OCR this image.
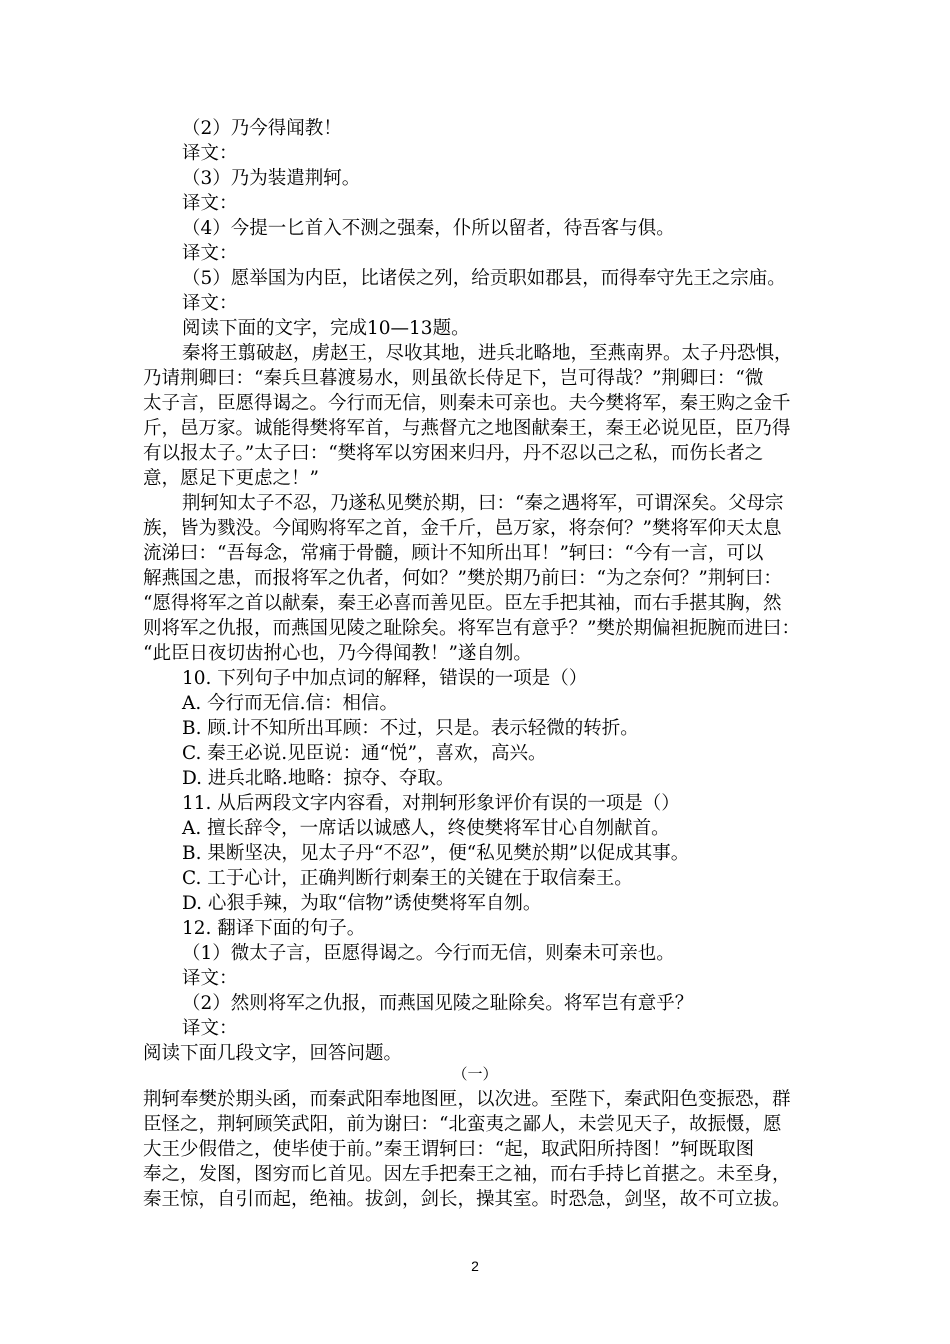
（2）乃今得闻教！
译文：
（3）乃为装遣荆轲。
译文：
（4）今提一匕首入不测之强秦，仆所以留者，待吾客与俱。
译文：
（5）愿举国为内臣，比诸侯之列，给贡职如郡县，而得奉守先王之宗庙。
译文：
阅读下面的文字，完成10—13题。
秦将王翦破赵，虏赵王，尽收其地，进兵北略地，至燕南界。太子丹恐惧，
乃请荆卿曰：“秦兵旦暮渡易水，则虽欲长侍足下，岂可得哉？”荆卿曰：“微
太子言，臣愿得谒之。今行而无信，则秦未可亲也。夫今樊将军，秦王购之金千
斤，邑万家。诚能得樊将军首，与燕督亢之地图献秦王，秦王必说见臣，臣乃得
有以报太子。”太子曰：“樊将军以穷困来归丹，丹不忍以己之私，而伤长者之
意，愿足下更虑之！”
荆轲知太子不忍，乃遂私见樊於期，曰：“秦之遇将军，可谓深矣。父母宗
族，皆为戮没。今闻购将军之首，金千斤，邑万家，将奈何？”樊将军仰天太息
流涕曰：“吾每念，常痛于骨髓，顾计不知所出耳！”轲曰：“今有一言，可以
解燕国之患，而报将军之仇者，何如？”樊於期乃前曰：“为之奈何？”荆轲曰：
“愿得将军之首以献秦，秦王必喜而善见臣。臣左手把其袖，而右手揕其胸，然
则将军之仇报，而燕国见陵之耻除矣。将军岂有意乎？”樊於期偏袒扼腕而进曰：
“此臣日夜切齿拊心也，乃今得闻教！”遂自刎。
10. 下列句子中加点词的解释，错误的一项是（）
A. 今行而无信.信：相信。
B. 顾.计不知所出耳顾：不过，只是。表示轻微的转折。
C. 秦王必说.见臣说：通“悦”，喜欢，高兴。
D. 进兵北略.地略：掠夺、夺取。
11. 从后两段文字内容看，对荆轲形象评价有误的一项是（）
A. 擅长辞令，一席话以诚感人，终使樊将军甘心自刎献首。
B. 果断坚决，见太子丹“不忍”，便“私见樊於期”以促成其事。
C. 工于心计，正确判断行刺秦王的关键在于取信秦王。
D. 心狠手辣，为取“信物”诱使樊将军自刎。
12. 翻译下面的句子。
（1）微太子言，臣愿得谒之。今行而无信，则秦未可亲也。
译文：
（2）然则将军之仇报，而燕国见陵之耻除矣。将军岂有意乎？
译文：
阅读下面几段文字，回答问题。
（一）
荆轲奉樊於期头函，而秦武阳奉地图匣，以次进。至陛下，秦武阳色变振恐，群
臣怪之，荆轲顾笑武阳，前为谢曰：“北蛮夷之鄙人，未尝见天子，故振慑，愿
大王少假借之，使毕使于前。”秦王谓轲曰：“起，取武阳所持图！”轲既取图
奉之，发图，图穷而匕首见。因左手把秦王之袖，而右手持匕首揕之。未至身，
秦王惊，自引而起，绝袖。拔剑，剑长，操其室。时恐急，剑坚，故不可立拔。
2
